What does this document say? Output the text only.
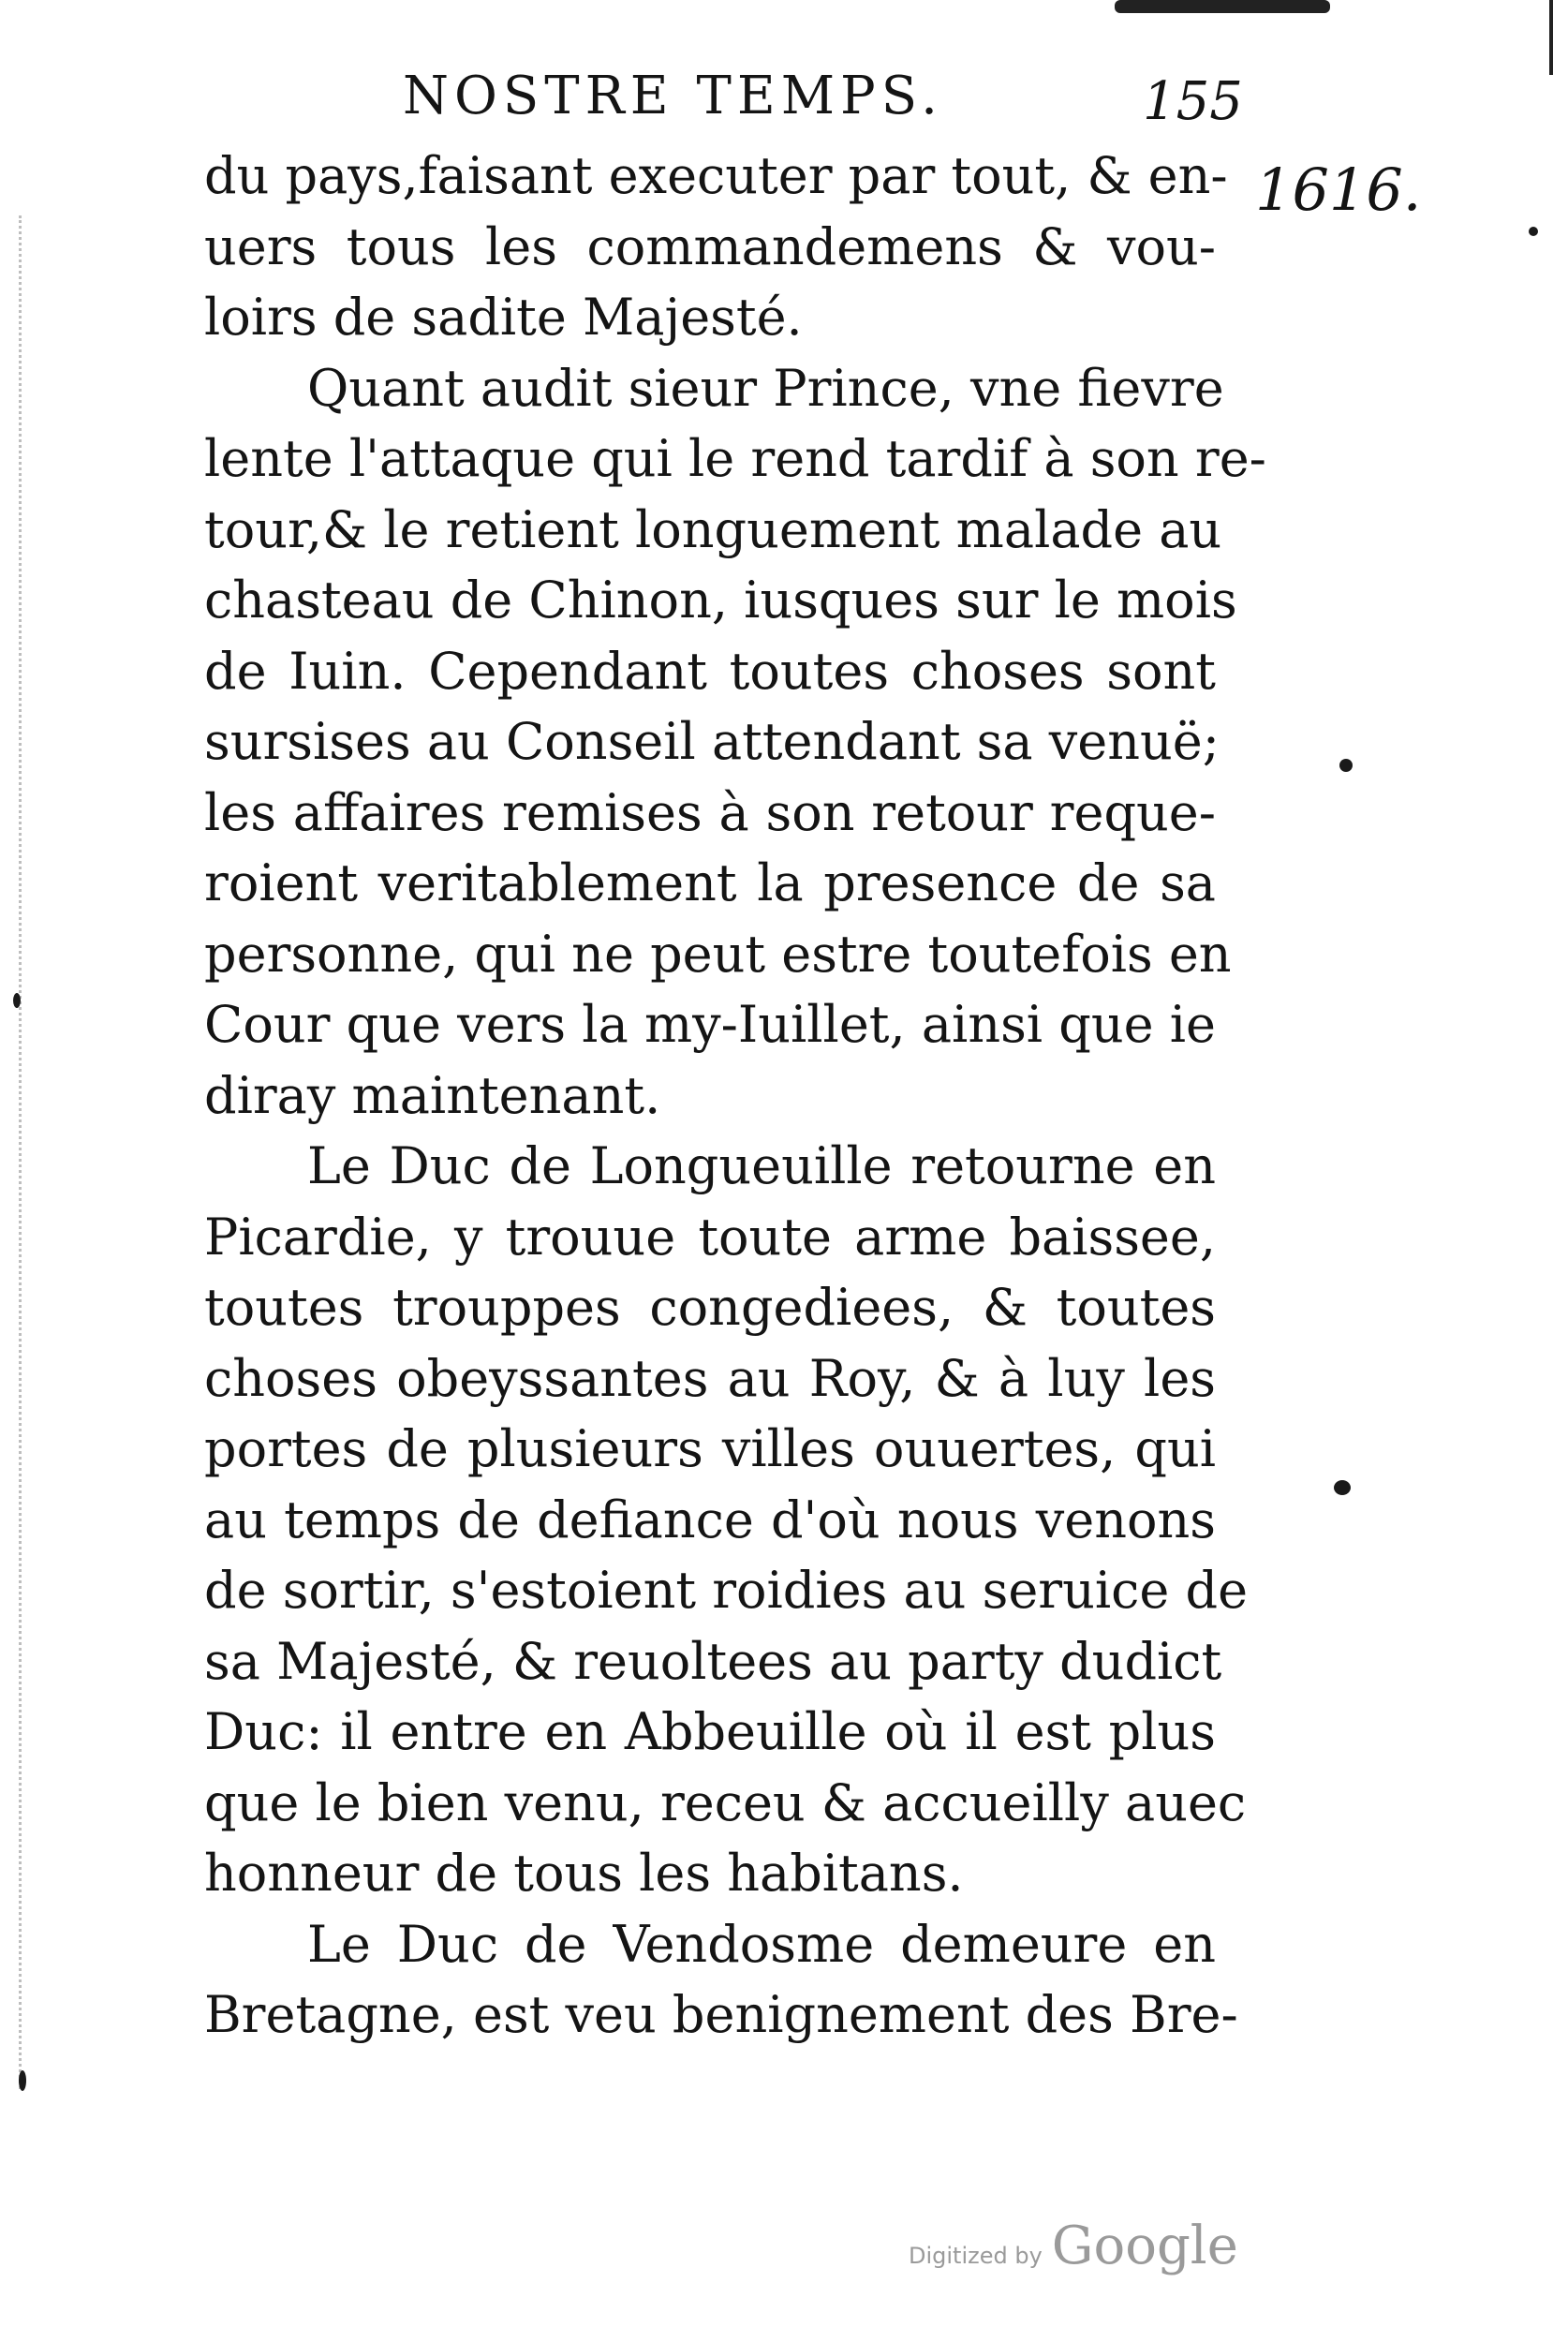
NOSTRE TEMPS.	155
1616.
du pays,faisant executer par tout, & en-
uers tous les commandemens & vou-
loirs de sadite Majesté.
Quant audit sieur Prince, vne fievre
lente l'attaque qui le rend tardif à son re-
tour,& le retient longuement malade au
chasteau de Chinon, iusques sur le mois
de Iuin. Cependant toutes choses sont
sursises au Conseil attendant sa venuë;
les affaires remises à son retour reque-
roient veritablement la presence de sa
personne, qui ne peut estre toutefois en
Cour que vers la my-Iuillet, ainsi que ie
diray maintenant.
Le Duc de Longueuille retourne en
Picardie, y trouue toute arme baissee,
toutes trouppes congediees, & toutes
choses obeyssantes au Roy, & à luy les
portes de plusieurs villes ouuertes, qui
au temps de defiance d'où nous venons
de sortir, s'estoient roidies au seruice de
sa Majesté, & reuoltees au party dudict
Duc: il entre en Abbeuille où il est plus
que le bien venu, receu & accueilly auec
honneur de tous les habitans.
Le Duc de Vendosme demeure en
Bretagne, est veu benignement des Bre-
Digitized by Google
